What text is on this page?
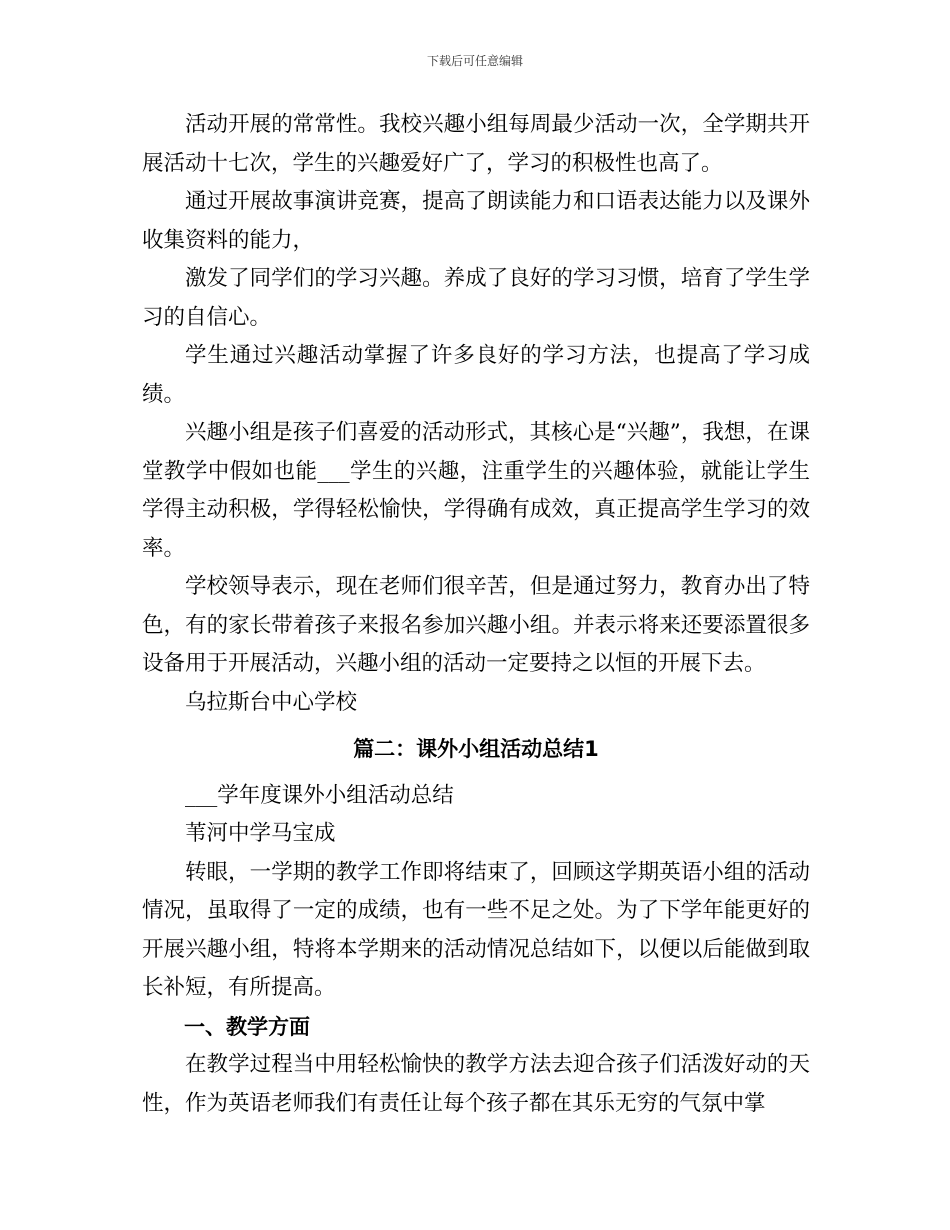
下载后可任意编辑

活动开展的常常性。我校兴趣小组每周最少活动一次，全学期共开展活动十七次，学生的兴趣爱好广了，学习的积极性也高了。

通过开展故事演讲竞赛，提高了朗读能力和口语表达能力以及课外收集资料的能力，

激发了同学们的学习兴趣。养成了良好的学习习惯，培育了学生学习的自信心。

学生通过兴趣活动掌握了许多良好的学习方法，也提高了学习成绩。

兴趣小组是孩子们喜爱的活动形式，其核心是“兴趣”，我想，在课堂教学中假如也能___学生的兴趣，注重学生的兴趣体验，就能让学生学得主动积极，学得轻松愉快，学得确有成效，真正提高学生学习的效率。

学校领导表示，现在老师们很辛苦，但是通过努力，教育办出了特色，有的家长带着孩子来报名参加兴趣小组。并表示将来还要添置很多设备用于开展活动，兴趣小组的活动一定要持之以恒的开展下去。

乌拉斯台中心学校

篇二：课外小组活动总结1

___学年度课外小组活动总结

苇河中学马宝成

转眼，一学期的教学工作即将结束了，回顾这学期英语小组的活动情况，虽取得了一定的成绩，也有一些不足之处。为了下学年能更好的开展兴趣小组，特将本学期来的活动情况总结如下，以便以后能做到取长补短，有所提高。

一、教学方面

在教学过程当中用轻松愉快的教学方法去迎合孩子们活泼好动的天性，作为英语老师我们有责任让每个孩子都在其乐无穷的气氛中掌
